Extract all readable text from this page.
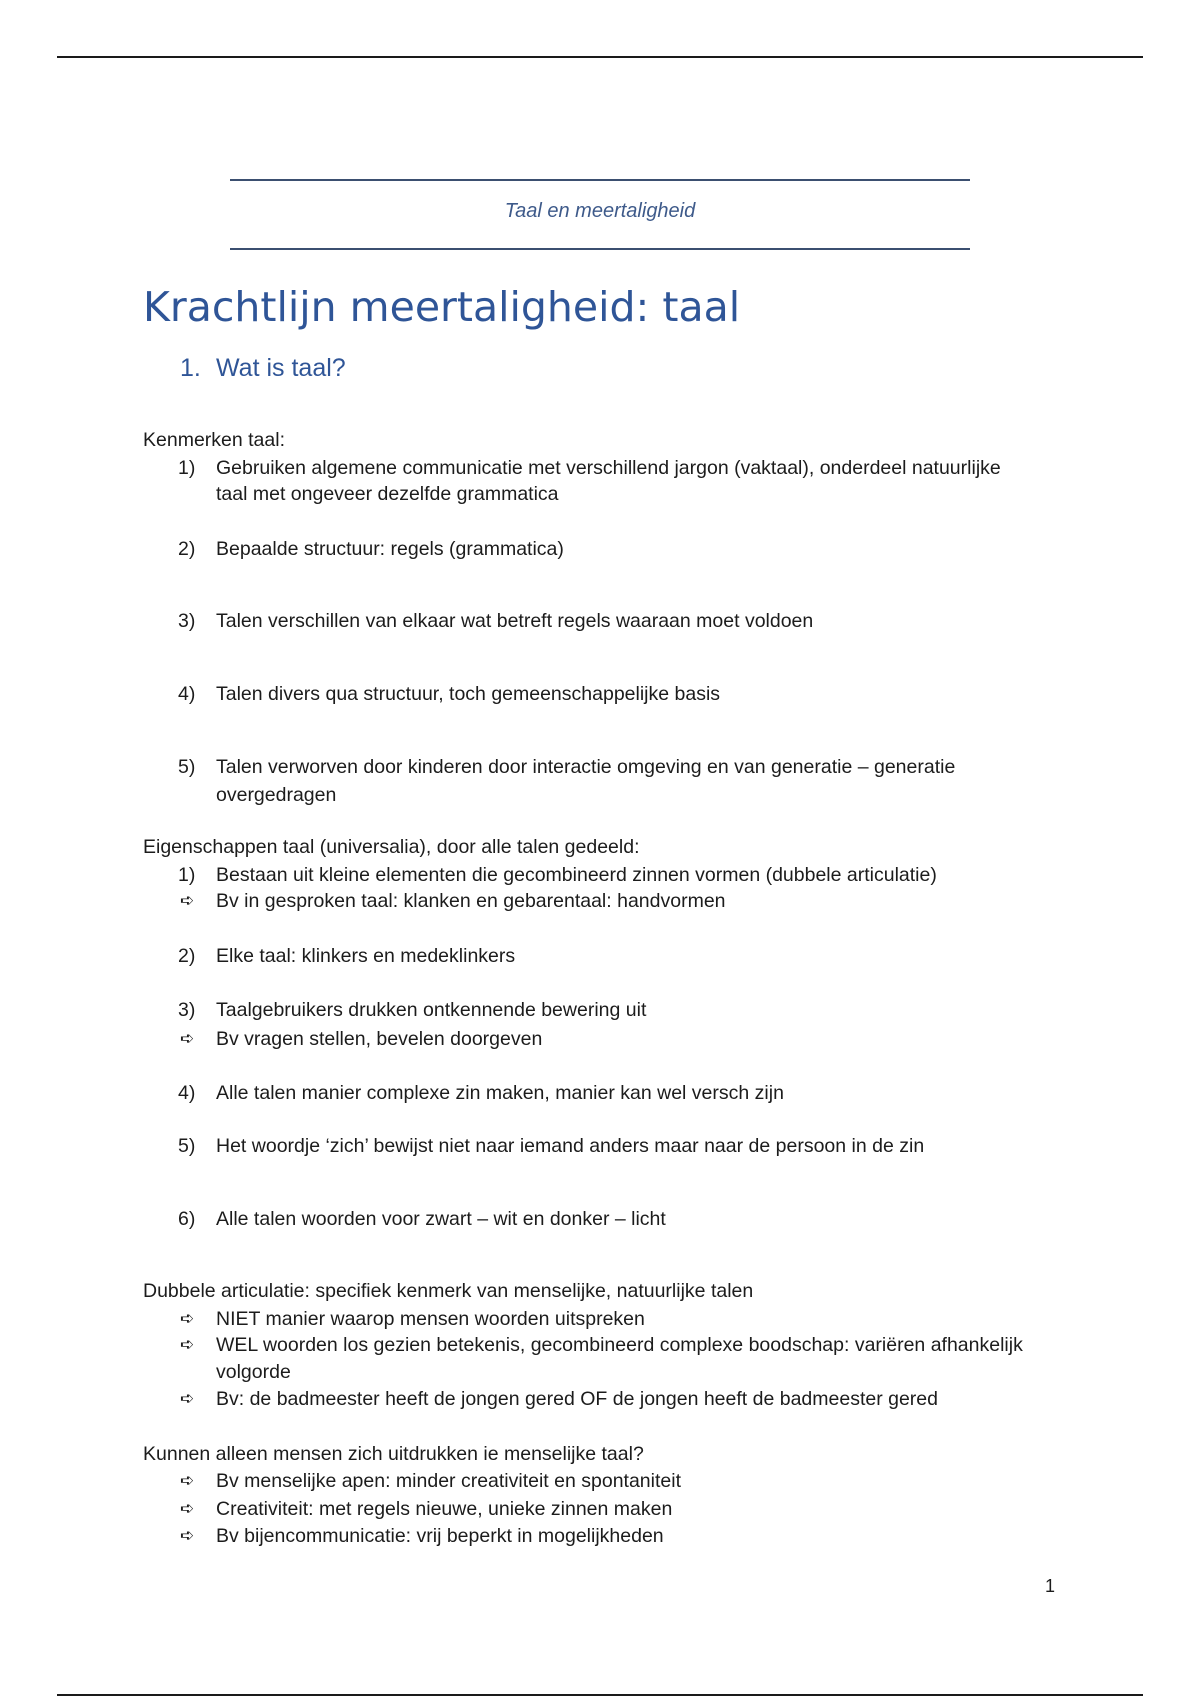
Taal en meertaligheid
Krachtlijn meertaligheid: taal
1. Wat is taal?
Kenmerken taal:
1) Gebruiken algemene communicatie met verschillend jargon (vaktaal), onderdeel natuurlijke
taal met ongeveer dezelfde grammatica
2) Bepaalde structuur: regels (grammatica)
3) Talen verschillen van elkaar wat betreft regels waaraan moet voldoen
4) Talen divers qua structuur, toch gemeenschappelijke basis
5) Talen verworven door kinderen door interactie omgeving en van generatie – generatie
overgedragen
Eigenschappen taal (universalia), door alle talen gedeeld:
1) Bestaan uit kleine elementen die gecombineerd zinnen vormen (dubbele articulatie)
➪ Bv in gesproken taal: klanken en gebarentaal: handvormen
2) Elke taal: klinkers en medeklinkers
3) Taalgebruikers drukken ontkennende bewering uit
➪ Bv vragen stellen, bevelen doorgeven
4) Alle talen manier complexe zin maken, manier kan wel versch zijn
5) Het woordje ‘zich’ bewijst niet naar iemand anders maar naar de persoon in de zin
6) Alle talen woorden voor zwart – wit en donker – licht
Dubbele articulatie: specifiek kenmerk van menselijke, natuurlijke talen
➪ NIET manier waarop mensen woorden uitspreken
➪ WEL woorden los gezien betekenis, gecombineerd complexe boodschap: variëren afhankelijk
volgorde
➪ Bv: de badmeester heeft de jongen gered OF de jongen heeft de badmeester gered
Kunnen alleen mensen zich uitdrukken ie menselijke taal?
➪ Bv menselijke apen: minder creativiteit en spontaniteit
➪ Creativiteit: met regels nieuwe, unieke zinnen maken
➪ Bv bijencommunicatie: vrij beperkt in mogelijkheden
1
